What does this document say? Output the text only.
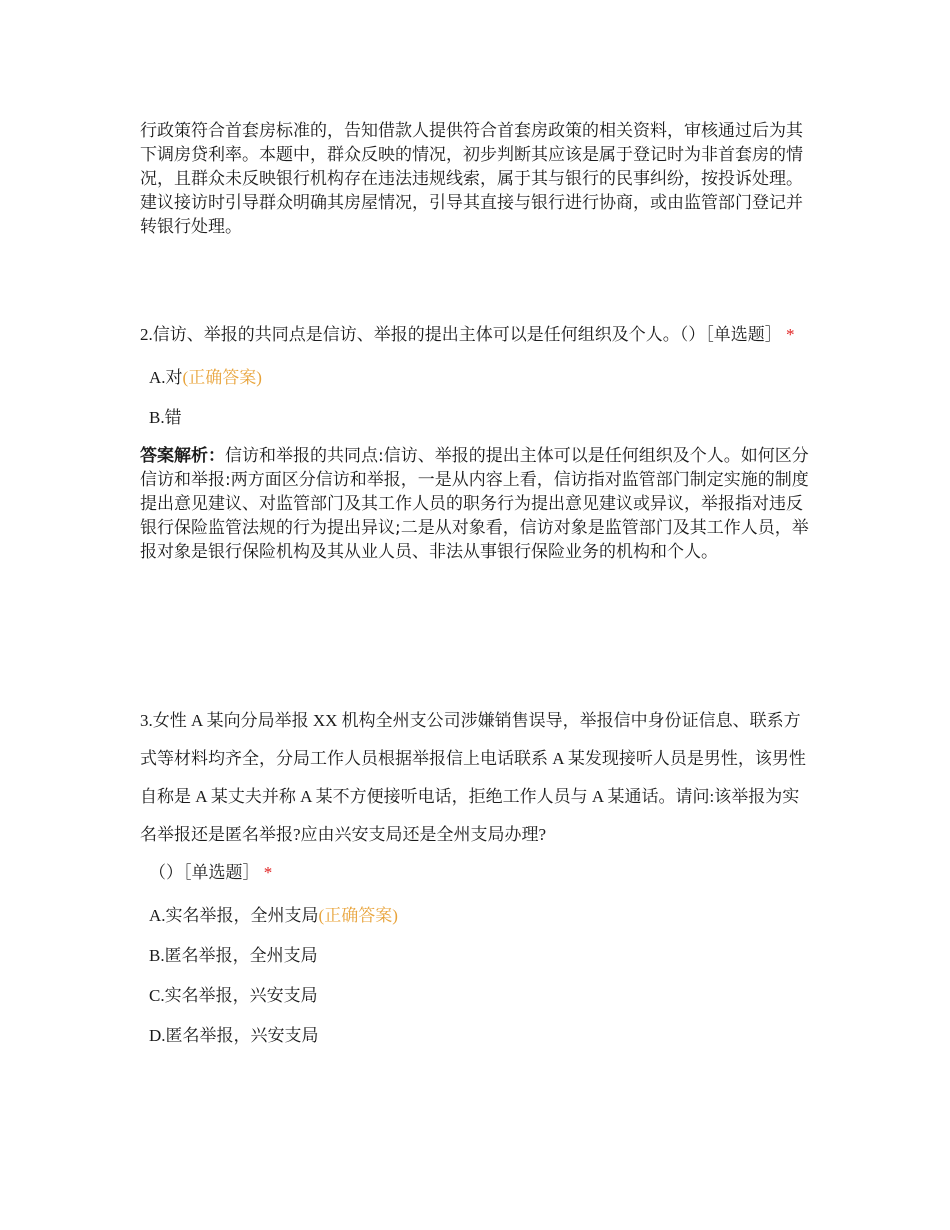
行政策符合首套房标准的，告知借款人提供符合首套房政策的相关资料，审核通过后为其下调房贷利率。本题中，群众反映的情况，初步判断其应该是属于登记时为非首套房的情况，且群众未反映银行机构存在违法违规线索，属于其与银行的民事纠纷，按投诉处理。建议接访时引导群众明确其房屋情况，引导其直接与银行进行协商，或由监管部门登记并转银行处理。

2.信访、举报的共同点是信访、举报的提出主体可以是任何组织及个人。（）［单选题］ *

A.对(正确答案)
B.错

答案解析：信访和举报的共同点:信访、举报的提出主体可以是任何组织及个人。如何区分信访和举报:两方面区分信访和举报，一是从内容上看，信访指对监管部门制定实施的制度提出意见建议、对监管部门及其工作人员的职务行为提出意见建议或异议，举报指对违反银行保险监管法规的行为提出异议;二是从对象看，信访对象是监管部门及其工作人员，举报对象是银行保险机构及其从业人员、非法从事银行保险业务的机构和个人。

3.女性 A 某向分局举报 XX 机构全州支公司涉嫌销售误导，举报信中身份证信息、联系方式等材料均齐全，分局工作人员根据举报信上电话联系 A 某发现接听人员是男性，该男性自称是 A 某丈夫并称 A 某不方便接听电话，拒绝工作人员与 A 某通话。请问:该举报为实名举报还是匿名举报?应由兴安支局还是全州支局办理?
（）［单选题］ *

A.实名举报，全州支局(正确答案)
B.匿名举报，全州支局
C.实名举报，兴安支局
D.匿名举报，兴安支局
